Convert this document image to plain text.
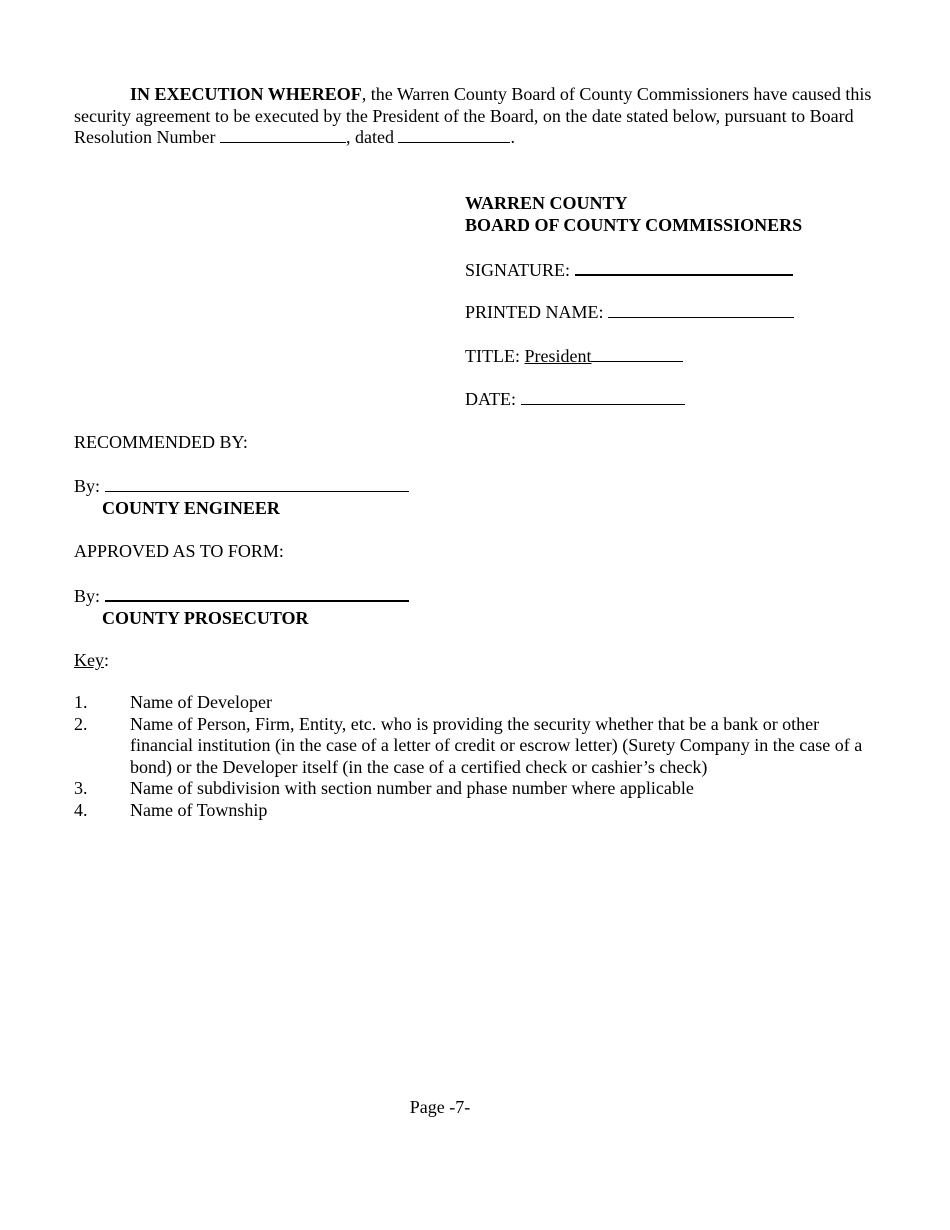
IN EXECUTION WHEREOF, the Warren County Board of County Commissioners have caused this security agreement to be executed by the President of the Board, on the date stated below, pursuant to Board Resolution Number	, dated	.

WARREN COUNTY
BOARD OF COUNTY COMMISSIONERS
SIGNATURE:
PRINTED NAME:
TITLE: President
DATE:
RECOMMENDED BY:
By:
COUNTY ENGINEER
APPROVED AS TO FORM:
By:
COUNTY PROSECUTOR
Key:
1.	Name of Developer
2.	Name of Person, Firm, Entity, etc. who is providing the security whether that be a bank or other financial institution (in the case of a letter of credit or escrow letter) (Surety Company in the case of a bond) or the Developer itself (in the case of a certified check or cashier’s check)
3.	Name of subdivision with section number and phase number where applicable
4.	Name of Township
Page -7-
